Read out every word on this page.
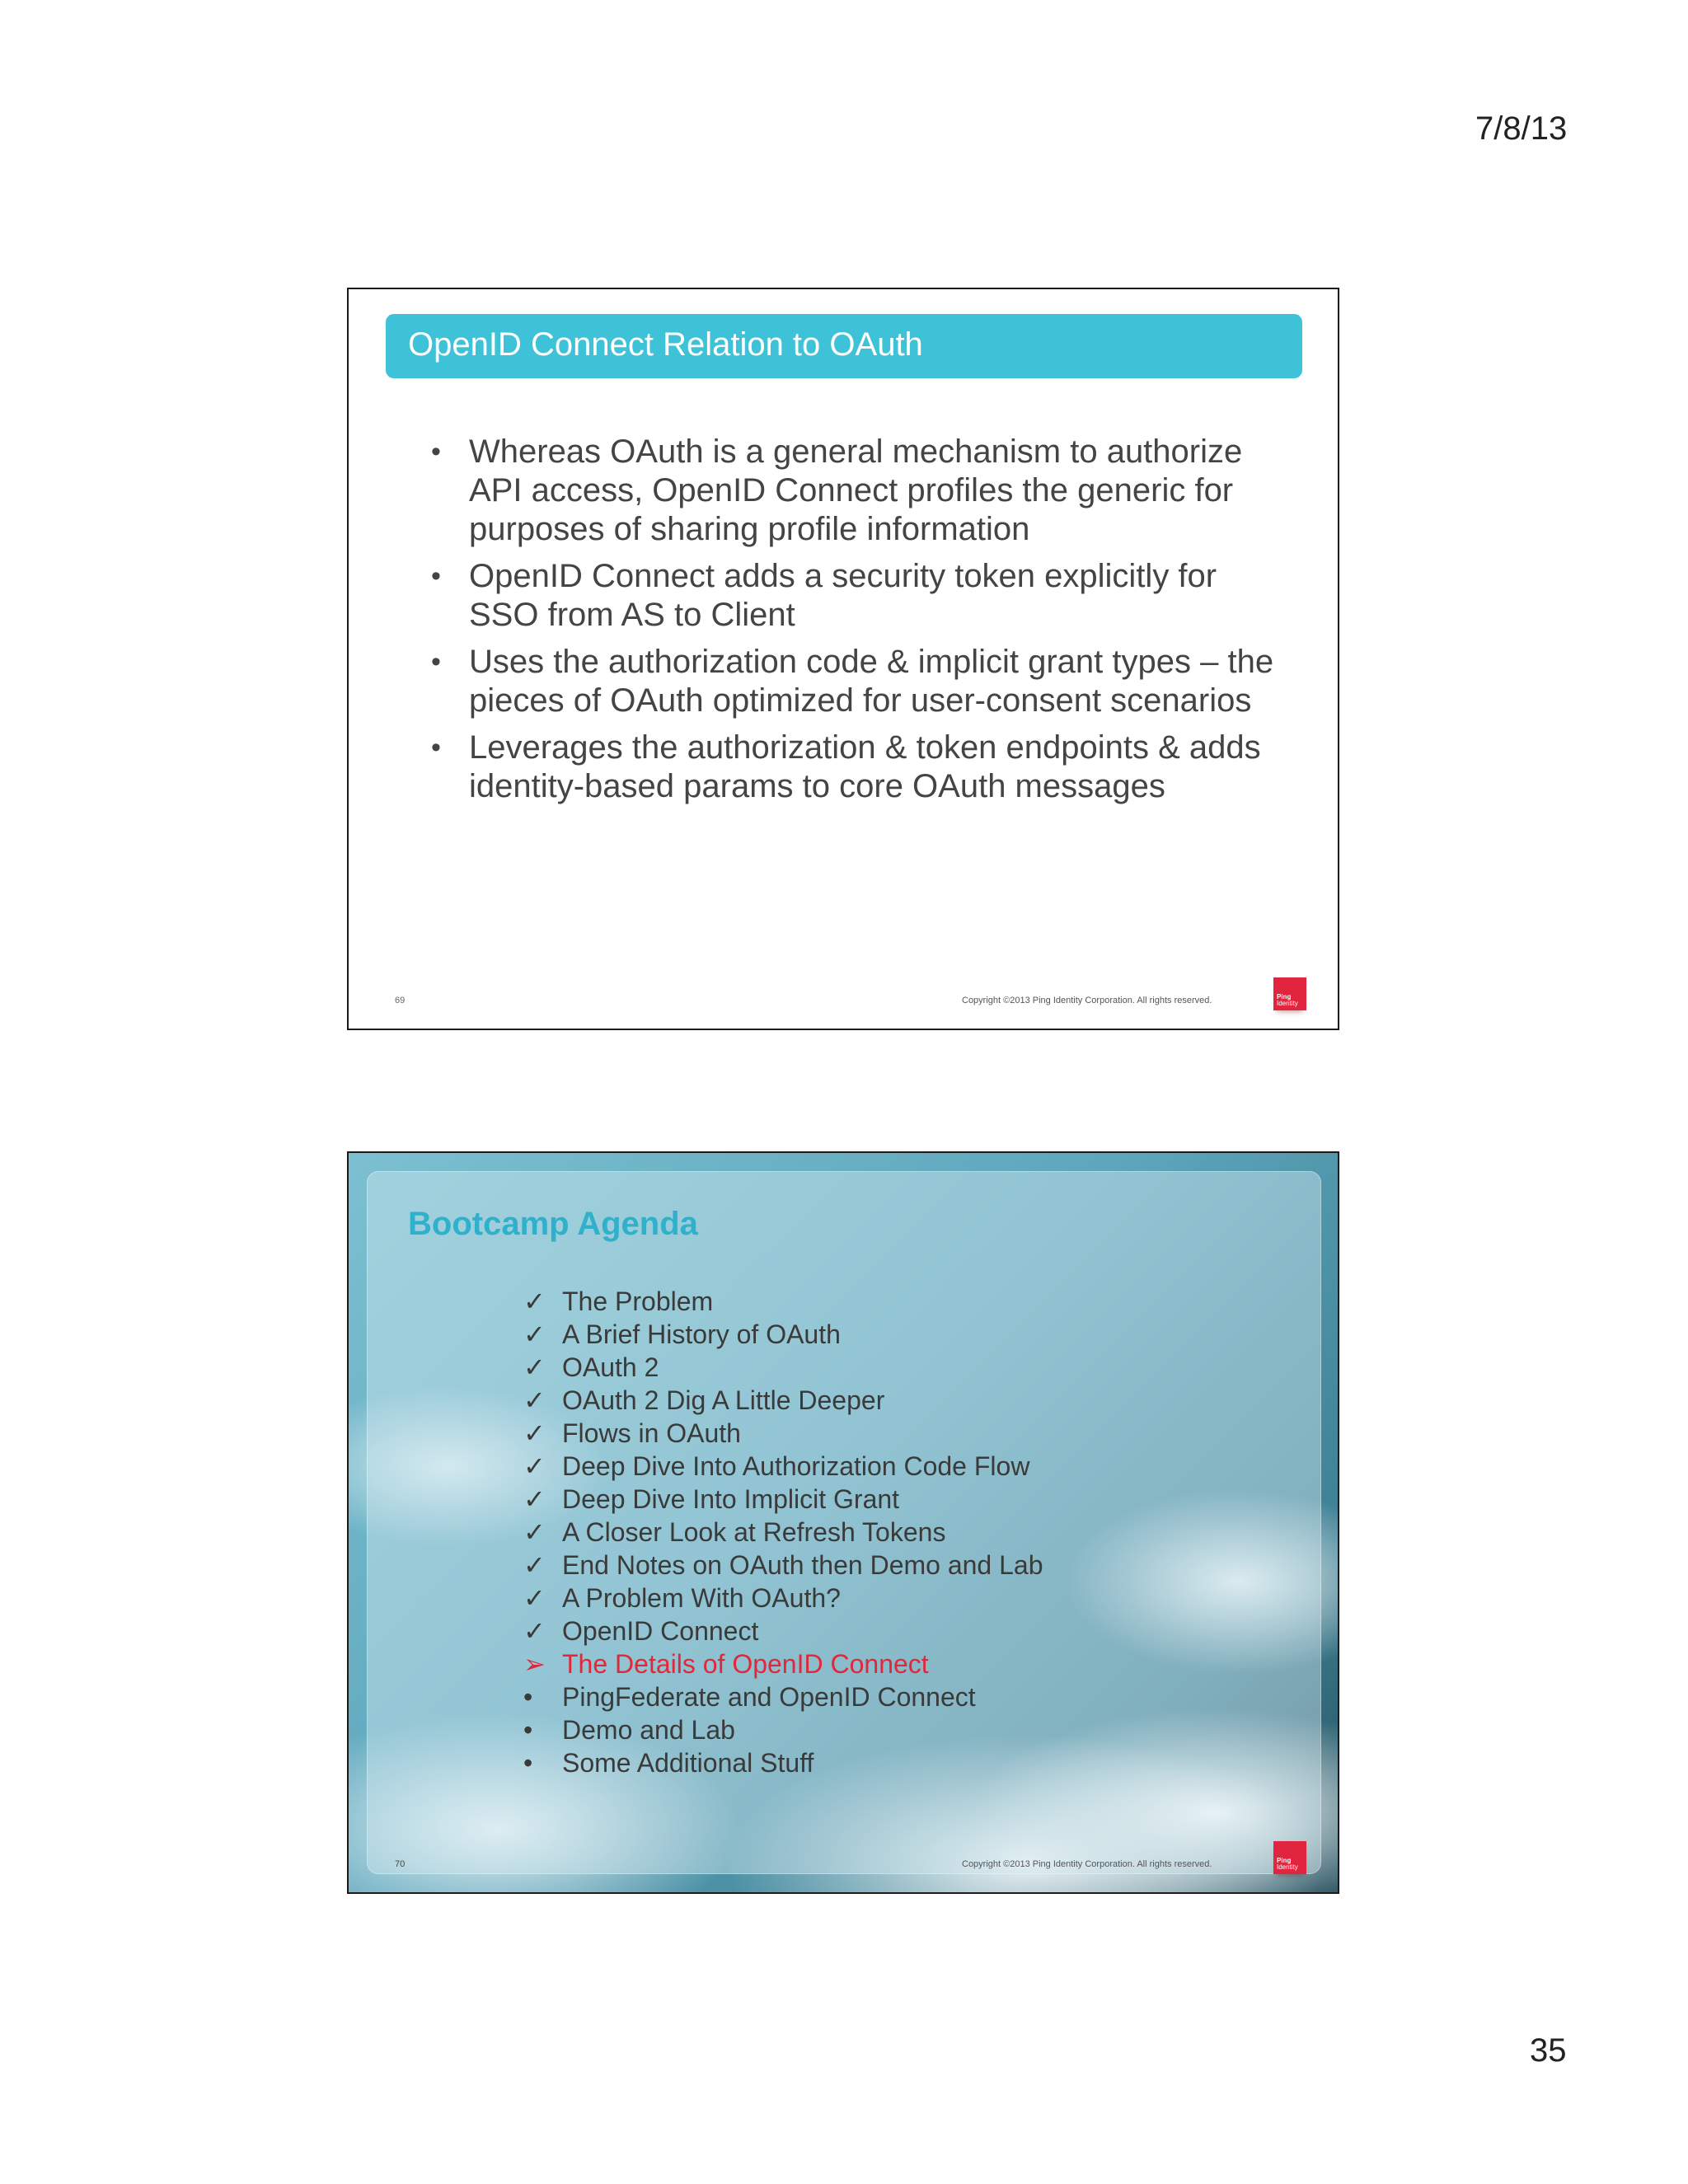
7/8/13
OpenID Connect Relation to OAuth
• Whereas OAuth is a general mechanism to authorize API access, OpenID Connect profiles the generic for purposes of sharing profile information
• OpenID Connect adds a security token explicitly for SSO from AS to Client
• Uses the authorization code & implicit grant types – the pieces of OAuth optimized for user-consent scenarios
• Leverages the authorization & token endpoints & adds identity-based params to core OAuth messages
69	Copyright ©2013 Ping Identity Corporation. All rights reserved.	Ping
Identity
Bootcamp Agenda
✓ The Problem
✓ A Brief History of OAuth
✓ OAuth 2
✓ OAuth 2 Dig A Little Deeper
✓ Flows in OAuth
✓ Deep Dive Into Authorization Code Flow
✓ Deep Dive Into Implicit Grant
✓ A Closer Look at Refresh Tokens
✓ End Notes on OAuth then Demo and Lab
✓ A Problem With OAuth?
✓ OpenID Connect
➢ The Details of OpenID Connect
•	PingFederate and OpenID Connect
•	Demo and Lab
•	Some Additional Stuff
70	Copyright ©2013 Ping Identity Corporation. All rights reserved.	Ping
Identity
35
